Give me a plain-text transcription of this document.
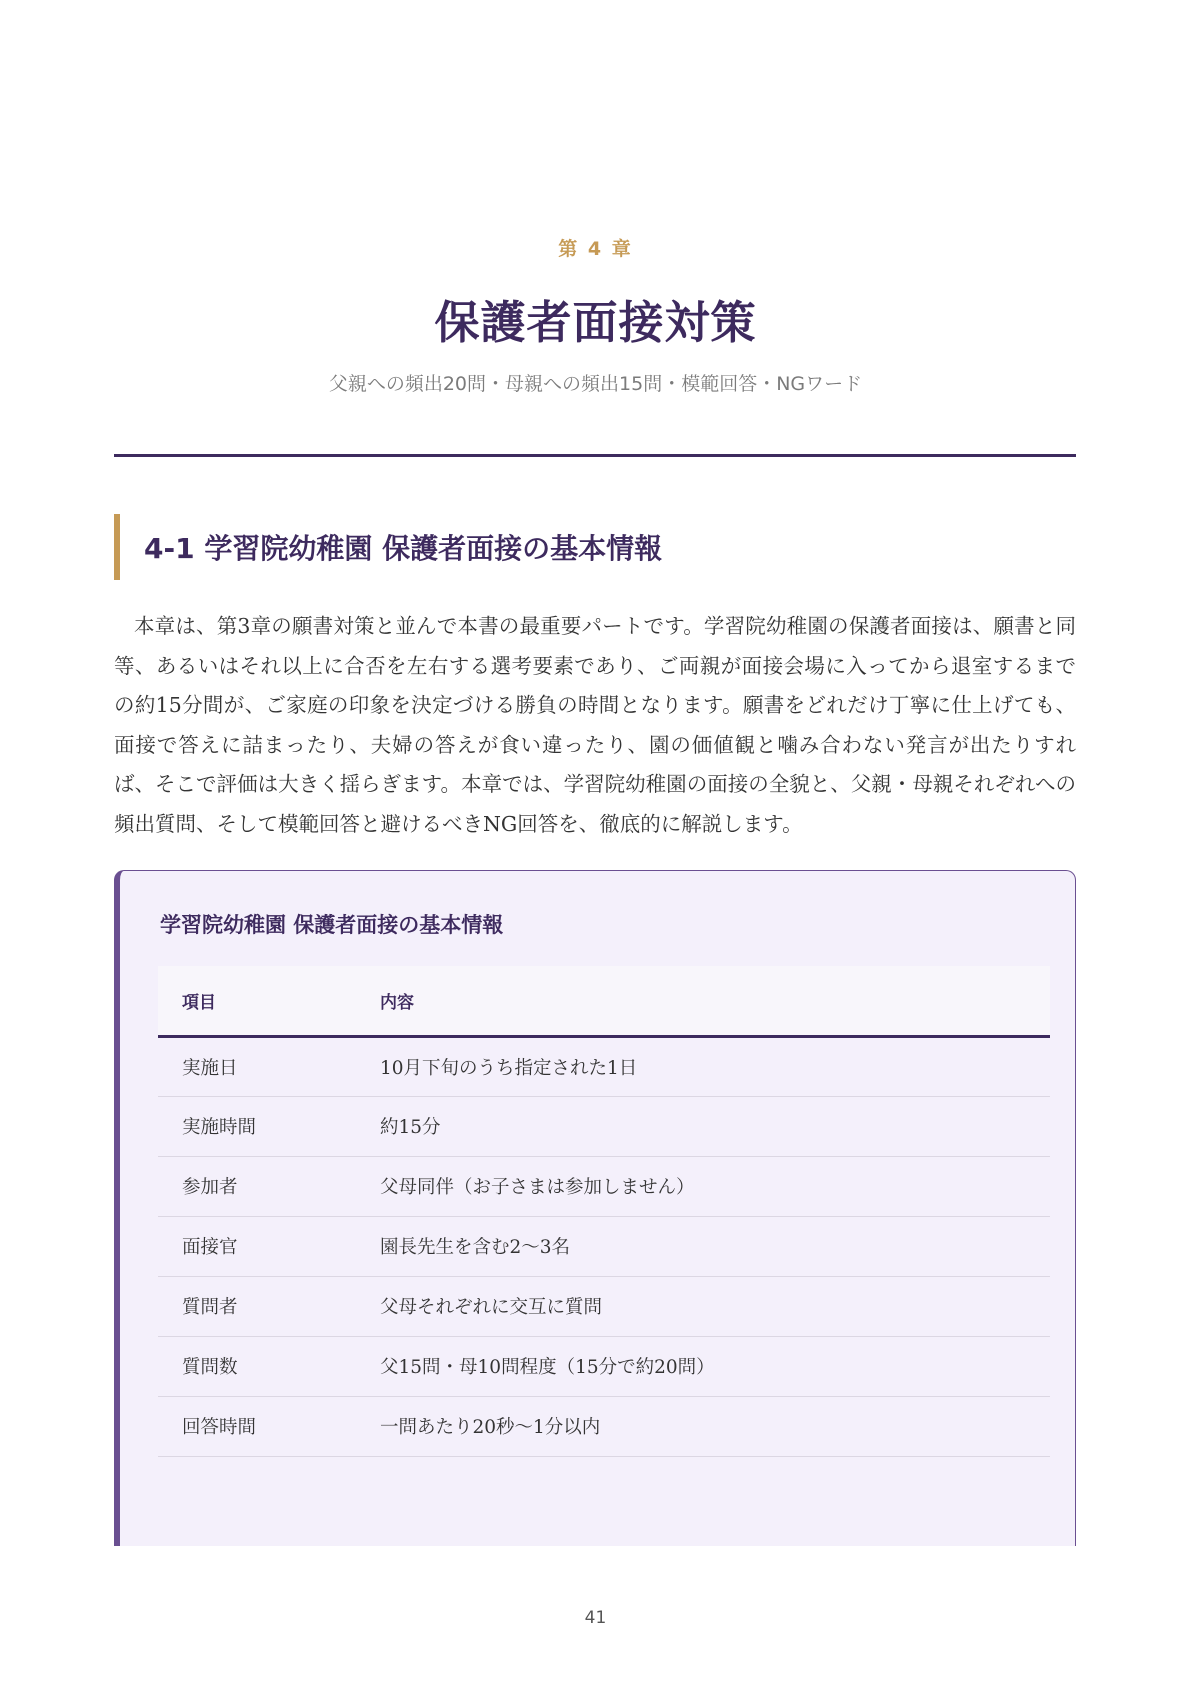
第 4 章
保護者面接対策
父親への頻出20問・母親への頻出15問・模範回答・NGワード
4-1 学習院幼稚園 保護者面接の基本情報

本章は、第3章の願書対策と並んで本書の最重要パートです。学習院幼稚園の保護者面接は、願書と同等、あるいはそれ以上に合否を左右する選考要素であり、ご両親が面接会場に入ってから退室するまでの約15分間が、ご家庭の印象を決定づける勝負の時間となります。願書をどれだけ丁寧に仕上げても、面接で答えに詰まったり、夫婦の答えが食い違ったり、園の価値観と噛み合わない発言が出たりすれば、そこで評価は大きく揺らぎます。本章では、学習院幼稚園の面接の全貌と、父親・母親それぞれへの頻出質問、そして模範回答と避けるべきNG回答を、徹底的に解説します。

学習院幼稚園 保護者面接の基本情報
項目	内容
実施日	10月下旬のうち指定された1日
実施時間	約15分
参加者	父母同伴（お子さまは参加しません）
面接官	園長先生を含む2〜3名
質問者	父母それぞれに交互に質問
質問数	父15問・母10問程度（15分で約20問）
回答時間	一問あたり20秒〜1分以内
41
